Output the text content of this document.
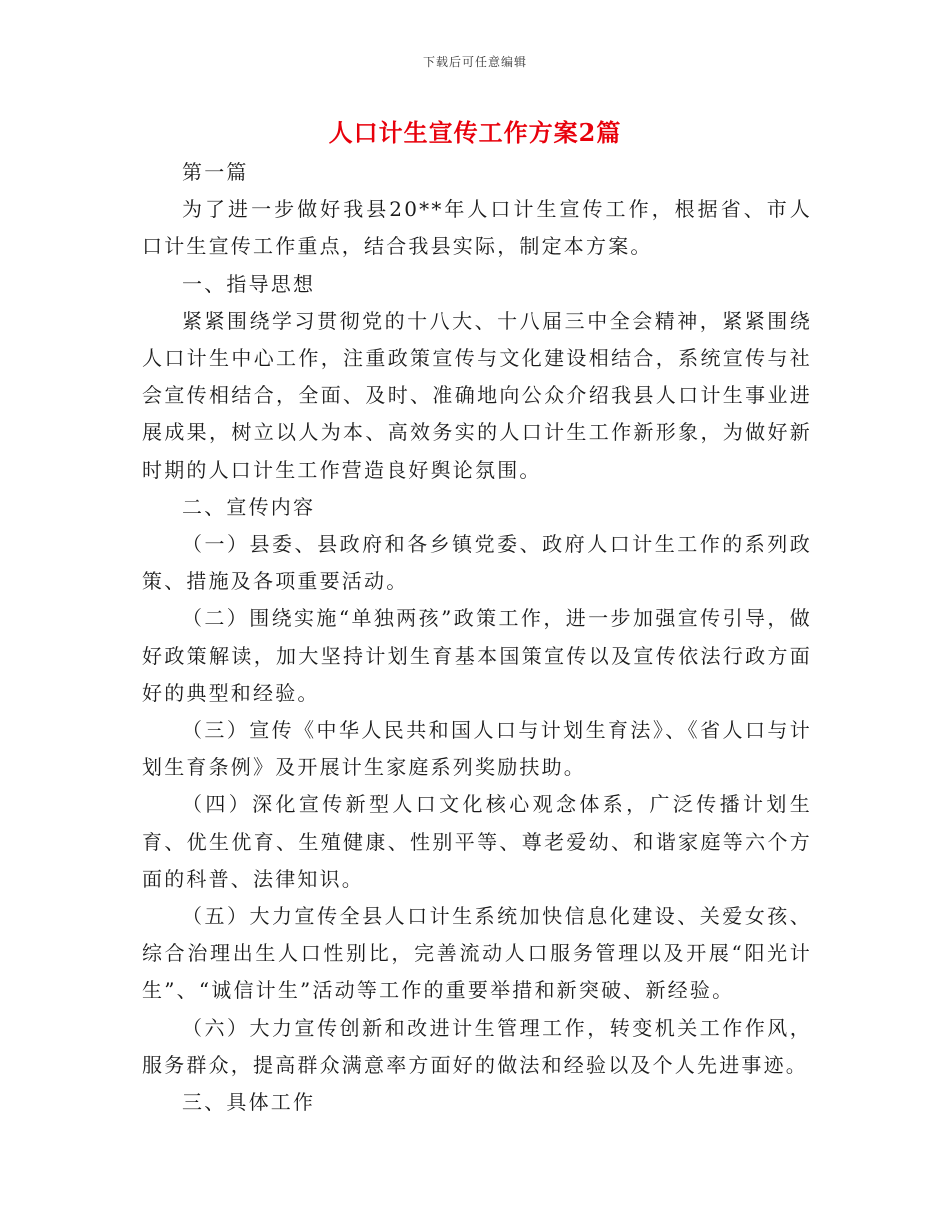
下载后可任意编辑
人口计生宣传工作方案2篇

第一篇

为了进一步做好我县20**年人口计生宣传工作，根据省、市人口计生宣传工作重点，结合我县实际，制定本方案。

一、指导思想

紧紧围绕学习贯彻党的十八大、十八届三中全会精神，紧紧围绕人口计生中心工作，注重政策宣传与文化建设相结合，系统宣传与社会宣传相结合，全面、及时、准确地向公众介绍我县人口计生事业进展成果，树立以人为本、高效务实的人口计生工作新形象，为做好新时期的人口计生工作营造良好舆论氛围。

二、宣传内容

（一）县委、县政府和各乡镇党委、政府人口计生工作的系列政策、措施及各项重要活动。

（二）围绕实施“单独两孩”政策工作，进一步加强宣传引导，做好政策解读，加大坚持计划生育基本国策宣传以及宣传依法行政方面好的典型和经验。

（三）宣传《中华人民共和国人口与计划生育法》、《省人口与计划生育条例》及开展计生家庭系列奖励扶助。

（四）深化宣传新型人口文化核心观念体系，广泛传播计划生育、优生优育、生殖健康、性别平等、尊老爱幼、和谐家庭等六个方面的科普、法律知识。

（五）大力宣传全县人口计生系统加快信息化建设、关爱女孩、综合治理出生人口性别比，完善流动人口服务管理以及开展“阳光计生”、“诚信计生”活动等工作的重要举措和新突破、新经验。

（六）大力宣传创新和改进计生管理工作，转变机关工作作风，服务群众，提高群众满意率方面好的做法和经验以及个人先进事迹。

三、具体工作
